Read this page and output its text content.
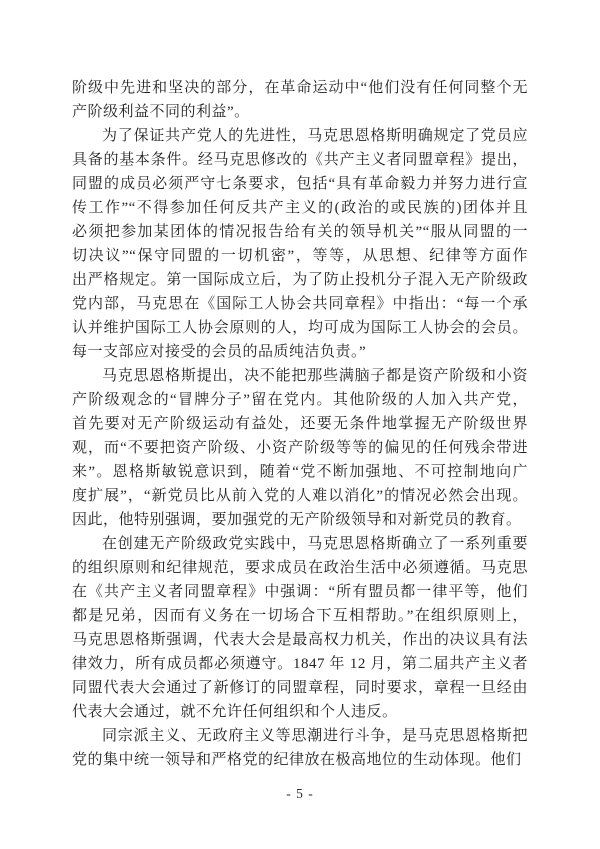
阶级中先进和坚决的部分，在革命运动中“他们没有任何同整个无
产阶级利益不同的利益”。
为了保证共产党人的先进性，马克思恩格斯明确规定了党员应
具备的基本条件。经马克思修改的《共产主义者同盟章程》提出，
同盟的成员必须严守七条要求，包括“具有革命毅力并努力进行宣
传工作”“不得参加任何反共产主义的(政治的或民族的)团体并且
必须把参加某团体的情况报告给有关的领导机关”“服从同盟的一
切决议”“保守同盟的一切机密”，等等，从思想、纪律等方面作
出严格规定。第一国际成立后，为了防止投机分子混入无产阶级政
党内部，马克思在《国际工人协会共同章程》中指出：“每一个承
认并维护国际工人协会原则的人，均可成为国际工人协会的会员。
每一支部应对接受的会员的品质纯洁负责。”
马克思恩格斯提出，决不能把那些满脑子都是资产阶级和小资
产阶级观念的“冒牌分子”留在党内。其他阶级的人加入共产党，
首先要对无产阶级运动有益处，还要无条件地掌握无产阶级世界
观，而“不要把资产阶级、小资产阶级等等的偏见的任何残余带进
来”。恩格斯敏锐意识到，随着“党不断加强地、不可控制地向广
度扩展”，“新党员比从前入党的人难以消化”的情况必然会出现。
因此，他特别强调，要加强党的无产阶级领导和对新党员的教育。
在创建无产阶级政党实践中，马克思恩格斯确立了一系列重要
的组织原则和纪律规范，要求成员在政治生活中必须遵循。马克思
在《共产主义者同盟章程》中强调：“所有盟员都一律平等，他们
都是兄弟，因而有义务在一切场合下互相帮助。”在组织原则上，
马克思恩格斯强调，代表大会是最高权力机关，作出的决议具有法
律效力，所有成员都必须遵守。1847 年 12 月，第二届共产主义者
同盟代表大会通过了新修订的同盟章程，同时要求，章程一旦经由
代表大会通过，就不允许任何组织和个人违反。
同宗派主义、无政府主义等思潮进行斗争，是马克思恩格斯把
党的集中统一领导和严格党的纪律放在极高地位的生动体现。他们
- 5 -
